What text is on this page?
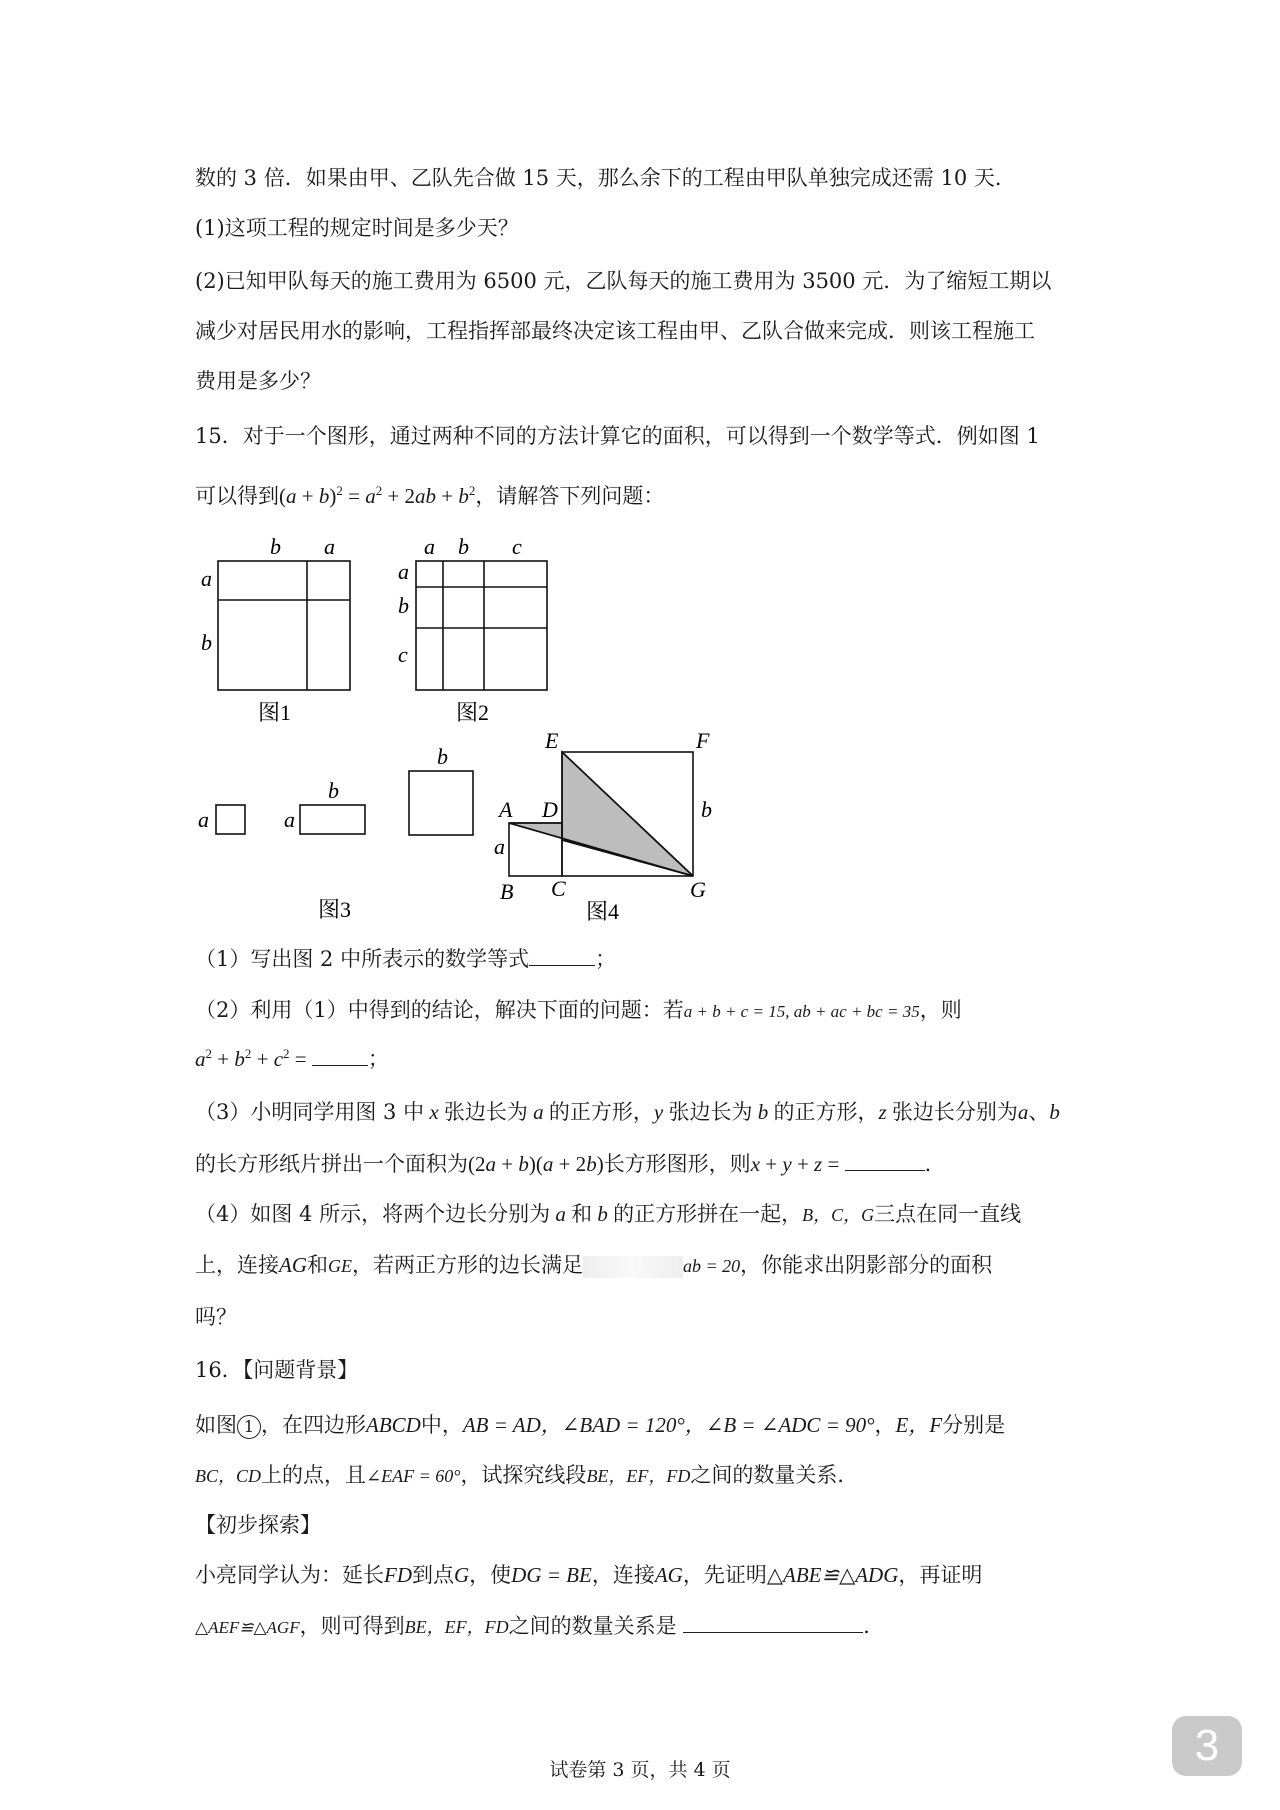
数的 3 倍．如果由甲、乙队先合做 15 天，那么余下的工程由甲队单独完成还需 10 天．
(1)这项工程的规定时间是多少天？
(2)已知甲队每天的施工费用为 6500 元，乙队每天的施工费用为 3500 元．为了缩短工期以
减少对居民用水的影响，工程指挥部最终决定该工程由甲、乙队合做来完成．则该工程施工
费用是多少？
15．对于一个图形，通过两种不同的方法计算它的面积，可以得到一个数学等式．例如图 1
可以得到$(a + b)^2 = a^2 + 2ab + b^2$，请解答下列问题：
b a
a
b
图1
a b c
a
b
c
图2
a	a
b
b
图3
E	F
A D
a
b
B C	G
图4
（1）写出图 2 中所表示的数学等式	；
（2）利用（1）中得到的结论，解决下面的问题：若a + b + c = 15, ab + ac + bc = 35，则
$a^2 + b^2 + c^2$ =	；
（3）小明同学用图 3 中 x 张边长为 a 的正方形，y 张边长为 b 的正方形，z 张边长分别为a、b
的长方形纸片拼出一个面积为(2a + b)(a + 2b)长方形图形，则x + y + z =	．
（4）如图 4 所示，将两个边长分别为 a 和 b 的正方形拼在一起，B，C，G三点在同一直线
上，连接AG和GE，若两正方形的边长满足	ab = 20，你能求出阴影部分的面积
吗？
16．【问题背景】
如图 1 ，在四边形ABCD中，AB = AD，∠BAD = 120°，∠B = ∠ADC = 90°，E，F分别是
BC，CD上的点，且∠EAF = 60°，试探究线段BE，EF，FD之间的数量关系．
【初步探索】
小亮同学认为：延长FD到点G，使DG = BE，连接AG，先证明△ABE≌△ADG，再证明
△AEF≌△AGF，则可得到BE，EF，FD之间的数量关系是	．
试卷第 3 页，共 4 页	3
